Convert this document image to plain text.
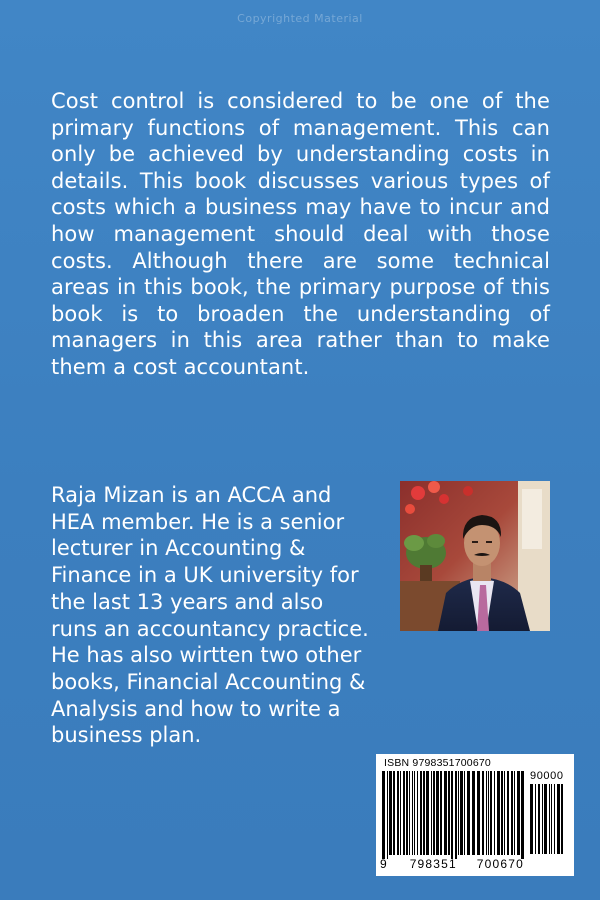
Copyrighted Material

Cost control is considered to be one of the primary functions of management. This can only be achieved by understanding costs in details. This book discusses various types of costs which a business may have to incur and how management should deal with those costs. Although there are some technical areas in this book, the primary purpose of this book is to broaden the understanding of managers in this area rather than to make them a cost accountant.

Raja Mizan is an ACCA and HEA member. He is a senior lecturer in Accounting & Finance in a UK university for the last 13 years and also runs an accountancy practice. He has also wirtten two other books, Financial Accounting & Analysis and how to write a business plan.

ISBN 9798351700670
90000
9 798351 700670
